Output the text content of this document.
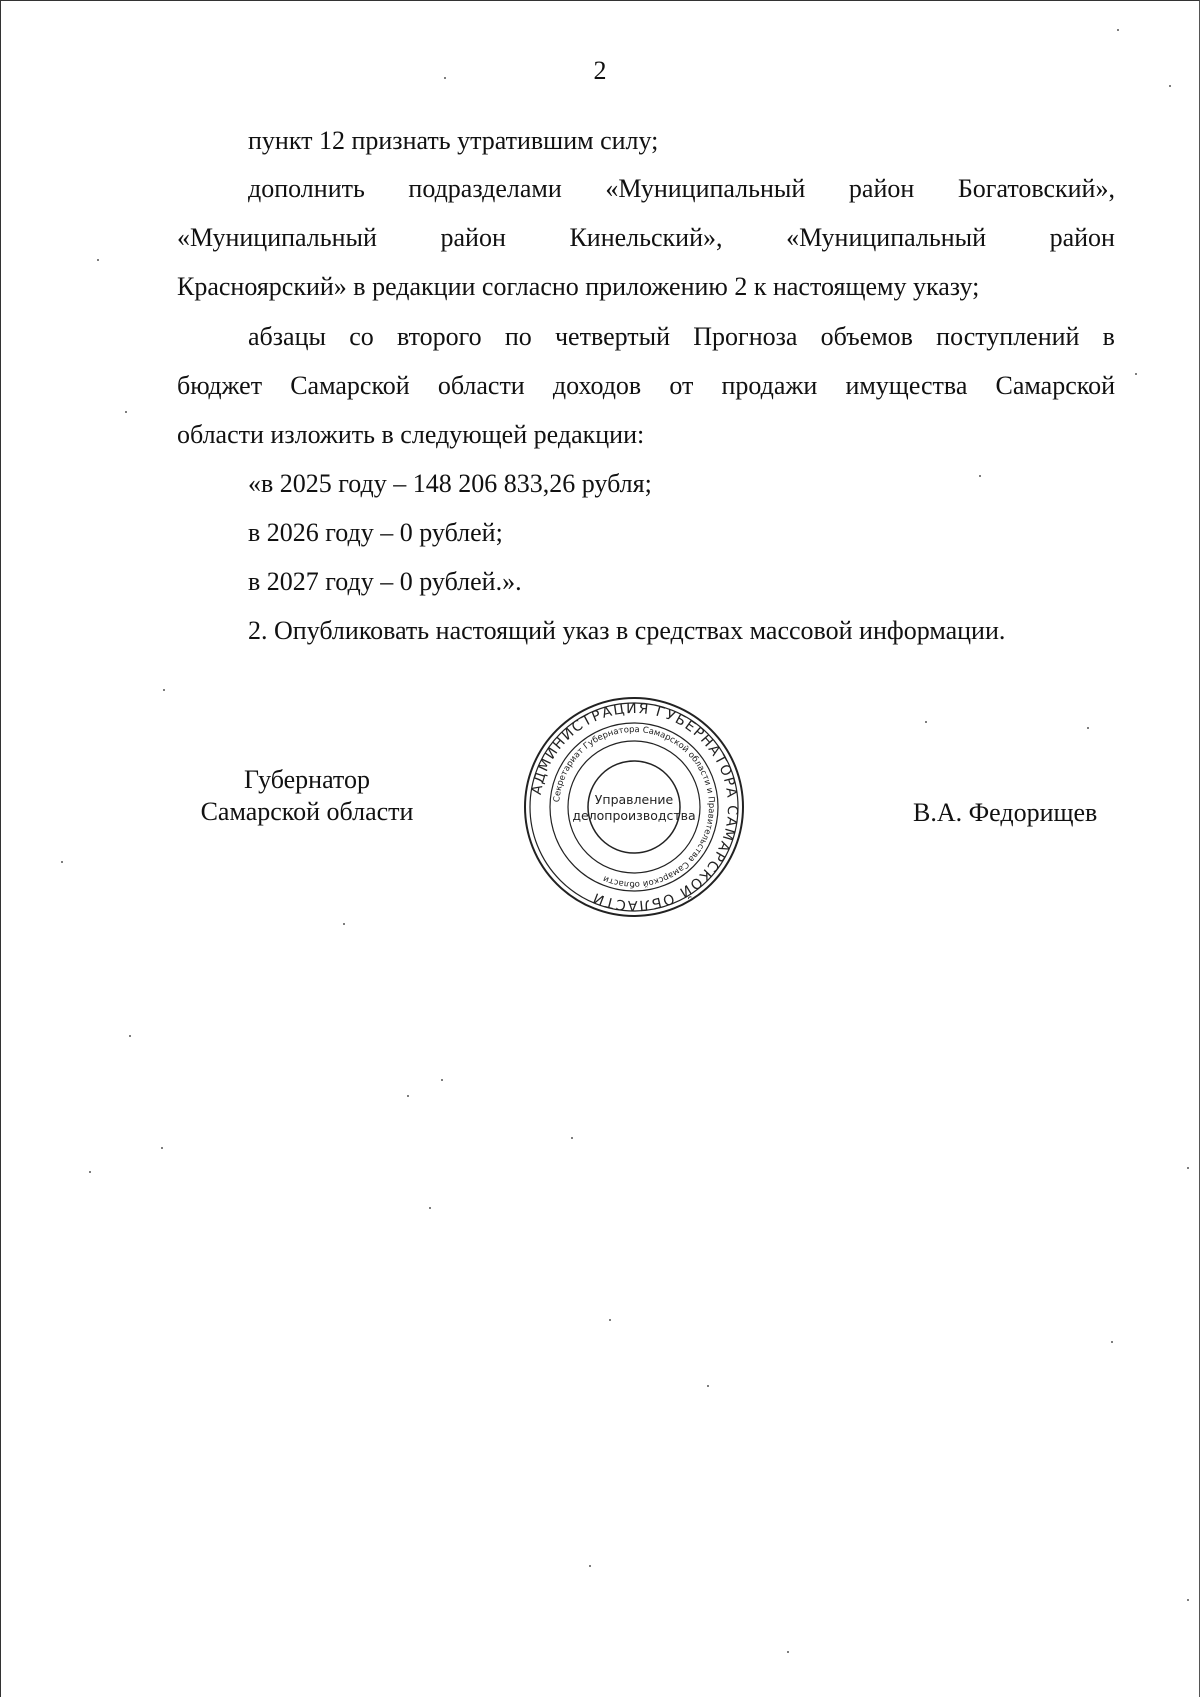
2
пункт 12 признать утратившим силу;
дополнить подразделами «Муниципальный район Богатовский»,
«Муниципальный район Кинельский», «Муниципальный район
Красноярский» в редакции согласно приложению 2 к настоящему указу;
абзацы со второго по четвертый Прогноза объемов поступлений в
бюджет Самарской области доходов от продажи имущества Самарской
области изложить в следующей редакции:
«в 2025 году – 148 206 833,26 рубля;
в 2026 году – 0 рублей;
в 2027 году – 0 рублей.».
2. Опубликовать настоящий указ в средствах массовой информации.
Губернатор
Самарской области	В.А. Федорищев
АДМИНИСТРАЦИЯ ГУБЕРНАТОРА САМАРСКОЙ ОБЛАСТИ
Секретариат Губернатора Самарской области и Правительства Самарской области
Управление
делопроизводства
